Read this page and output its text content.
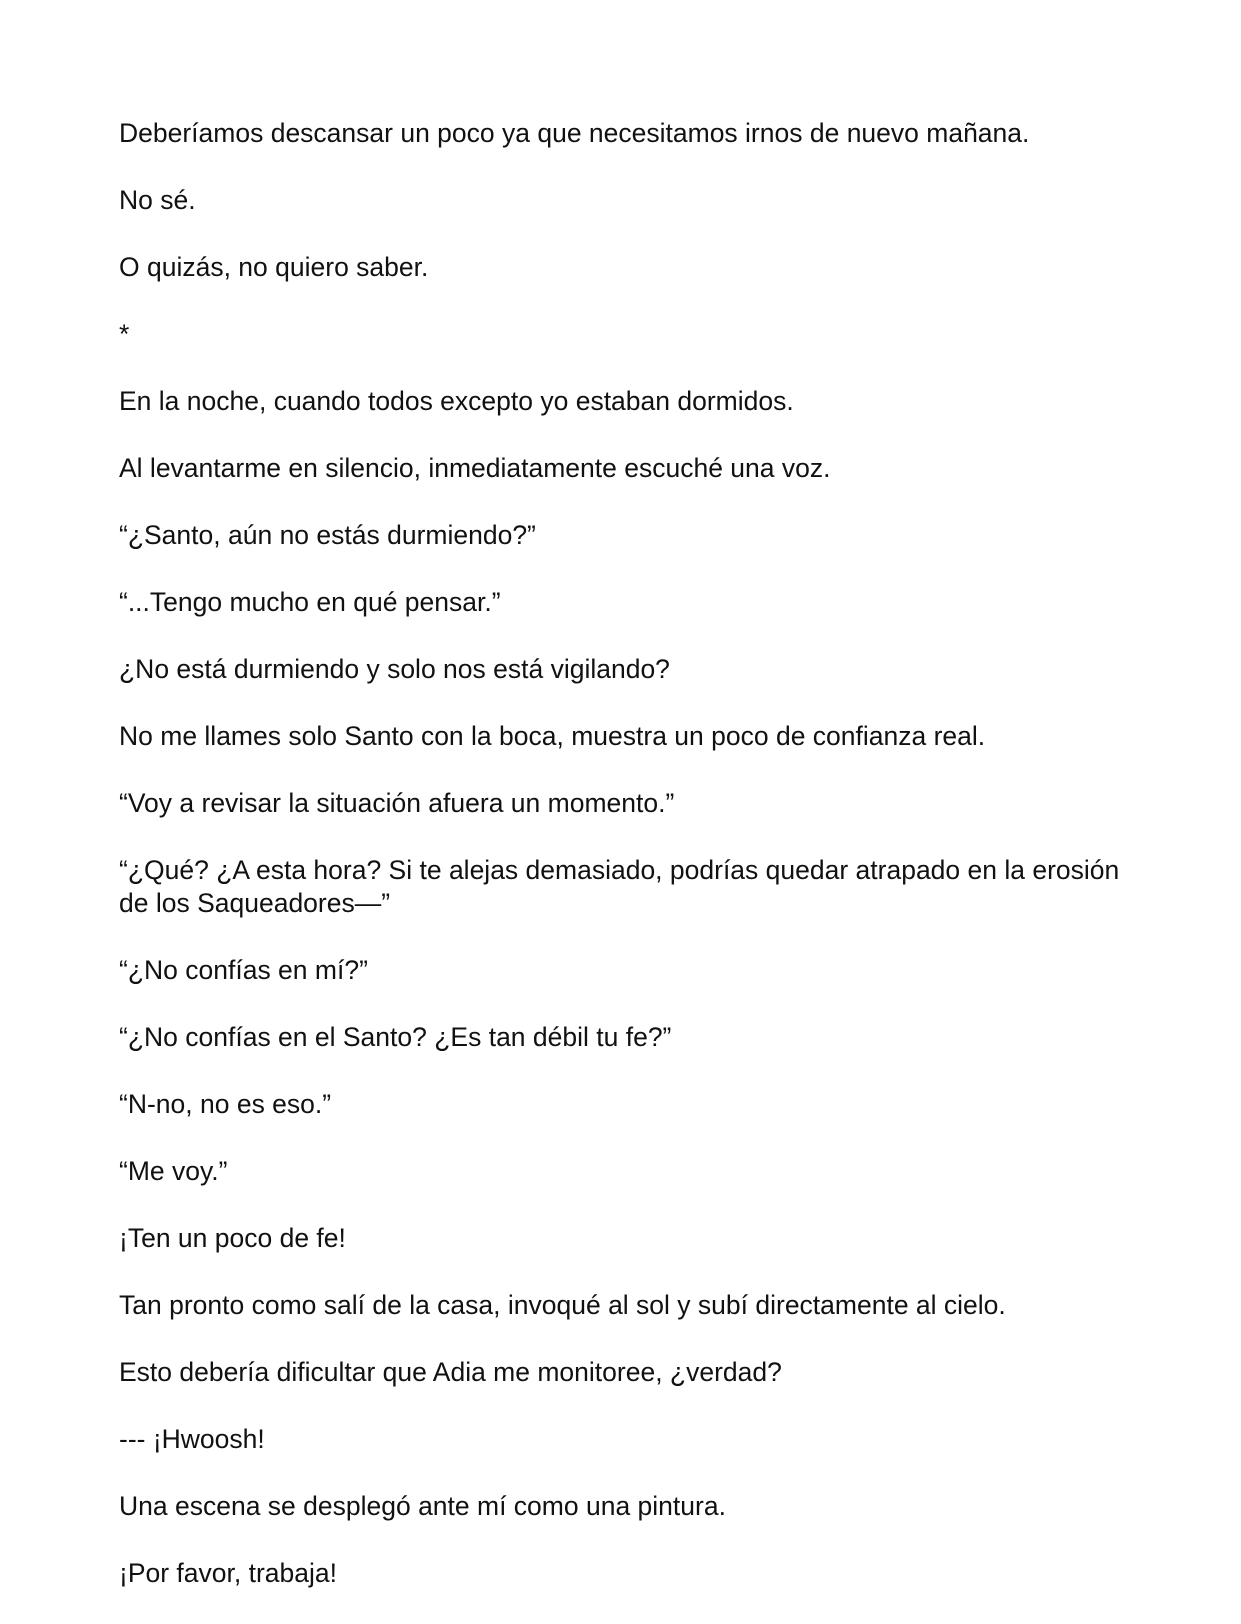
Deberíamos descansar un poco ya que necesitamos irnos de nuevo mañana.

No sé.

O quizás, no quiero saber.

*

En la noche, cuando todos excepto yo estaban dormidos.

Al levantarme en silencio, inmediatamente escuché una voz.

“¿Santo, aún no estás durmiendo?”

“...Tengo mucho en qué pensar.”

¿No está durmiendo y solo nos está vigilando?

No me llames solo Santo con la boca, muestra un poco de confianza real.

“Voy a revisar la situación afuera un momento.”

“¿Qué? ¿A esta hora? Si te alejas demasiado, podrías quedar atrapado en la erosión de los Saqueadores—”

“¿No confías en mí?”

“¿No confías en el Santo? ¿Es tan débil tu fe?”

“N-no, no es eso.”

“Me voy.”

¡Ten un poco de fe!

Tan pronto como salí de la casa, invoqué al sol y subí directamente al cielo.

Esto debería dificultar que Adia me monitoree, ¿verdad?

--- ¡Hwoosh!

Una escena se desplegó ante mí como una pintura.

¡Por favor, trabaja!
